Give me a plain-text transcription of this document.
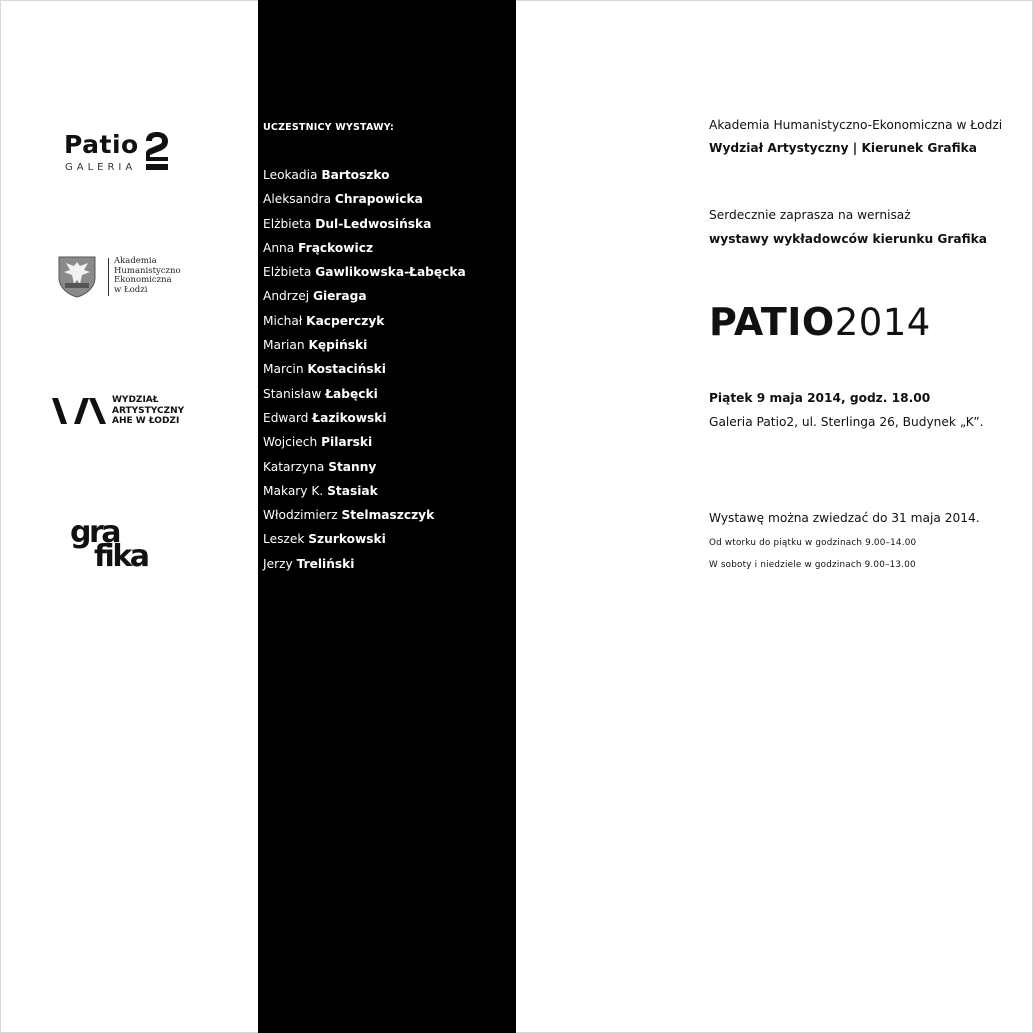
Patio
GALERIA
Akademia
Humanistyczno
Ekonomiczna
w Łodzi
WYDZIAŁ
ARTYSTYCZNY
AHE W ŁODZI
gra
fika
UCZESTNICY WYSTAWY:
Leokadia Bartoszko
Aleksandra Chrapowicka
Elżbieta Dul-Ledwosińska
Anna Frąckowicz
Elżbieta Gawlikowska-Łabęcka
Andrzej Gieraga
Michał Kacperczyk
Marian Kępiński
Marcin Kostaciński
Stanisław Łabęcki
Edward Łazikowski
Wojciech Pilarski
Katarzyna Stanny
Makary K. Stasiak
Włodzimierz Stelmaszczyk
Leszek Szurkowski
Jerzy Treliński
Akademia Humanistyczno-Ekonomiczna w Łodzi
Wydział Artystyczny | Kierunek Grafika
Serdecznie zaprasza na wernisaż
wystawy wykładowców kierunku Grafika
PATIO2014
Piątek 9 maja 2014, godz. 18.00
Galeria Patio2, ul. Sterlinga 26, Budynek „K”.
Wystawę można zwiedzać do 31 maja 2014.
Od wtorku do piątku w godzinach 9.00–14.00
W soboty i niedziele w godzinach 9.00–13.00
